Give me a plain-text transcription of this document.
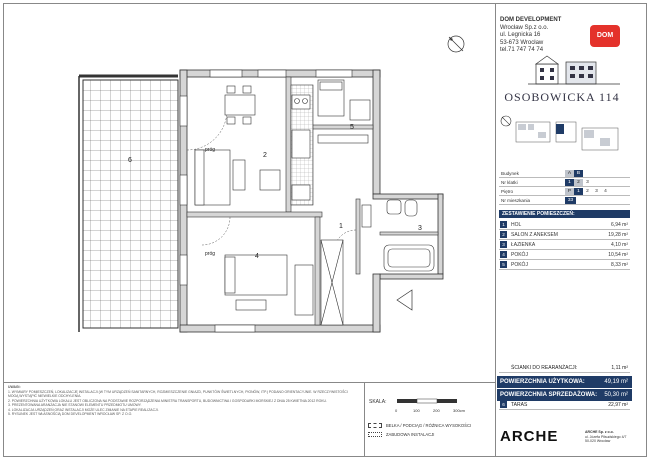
1
2
3
4
5
6
próg
próg
DOM DEVELOPMENT
Wrocław Sp.z o.o.
ul. Legnicka 16
53-673 Wrocław
tel.71 747 74 74
DOM
OSOBOWICKA 114
Budynek	A	B
Nr klatki	1	2	3
Piętro	P	1	2	3	4
Nr mieszkania	33
ZESTAWIENIE POMIESZCZEŃ:
1	HOL	6,94 m²
2	SALON Z ANEKSEM	19,28 m²
3	ŁAZIENKA	4,10 m²
4	POKÓJ	10,54 m²
5	POKÓJ	8,33 m²
ŚCIANKI DO REARANŻACJI:	1,11 m²
POWIERZCHNIA UŻYTKOWA:	49,19 m²
POWIERZCHNIA SPRZEDAŻOWA: 50,30 m²
6	TARAS	22,97 m²
UWAGI:
1. WYMIARY POMIESZCZEŃ, LOKALIZACJĘ INSTALACJI (W TYM URZĄDZEŃ SANITARNYCH, ROZMIESZCZENIE GNIAZD, PUNKTÓW ŚWIETLNYCH, PIONÓW, ITP.) PODANO ORIENTACYJNIE. W RZECZYWISTOŚCI MOGĄ WYSTĄPIĆ NIEWIELKIE ODCHYLENIA.
2. POWIERZCHNIA UŻYTKOWA LOKALU JEST OBLICZONA NA PODSTAWIE ROZPORZĄDZENIA MINISTRA TRANSPORTU, BUDOWNICTWA I GOSPODARKI MORSKIEJ Z DNIA 25 KWIETNIA 2012 ROKU.
3. PREZENTOWANA ARANŻACJA NIE STANOWI ELEMENTU PRZEDMIOTU UMOWY.
4. LOKALIZACJA URZĄDZEŃ ORAZ INSTALACJI MOŻE ULEC ZMIANIE NA ETAPIE REALIZACJI.
5. RYSUNEK JEST WŁASNOŚCIĄ DOM DEVELOPMENT WROCŁAW SP. Z O.O.
SKALA:
0	100	200	300cm
BELKA / PODCIĄG / RÓŻNICA WYSOKOŚCI
ZABUDOWA INSTALACJI	ARCHE	ARCHE Sp. z o.o.
ul. Józefa Piłsudskiego 4/7
50-020 Wrocław
